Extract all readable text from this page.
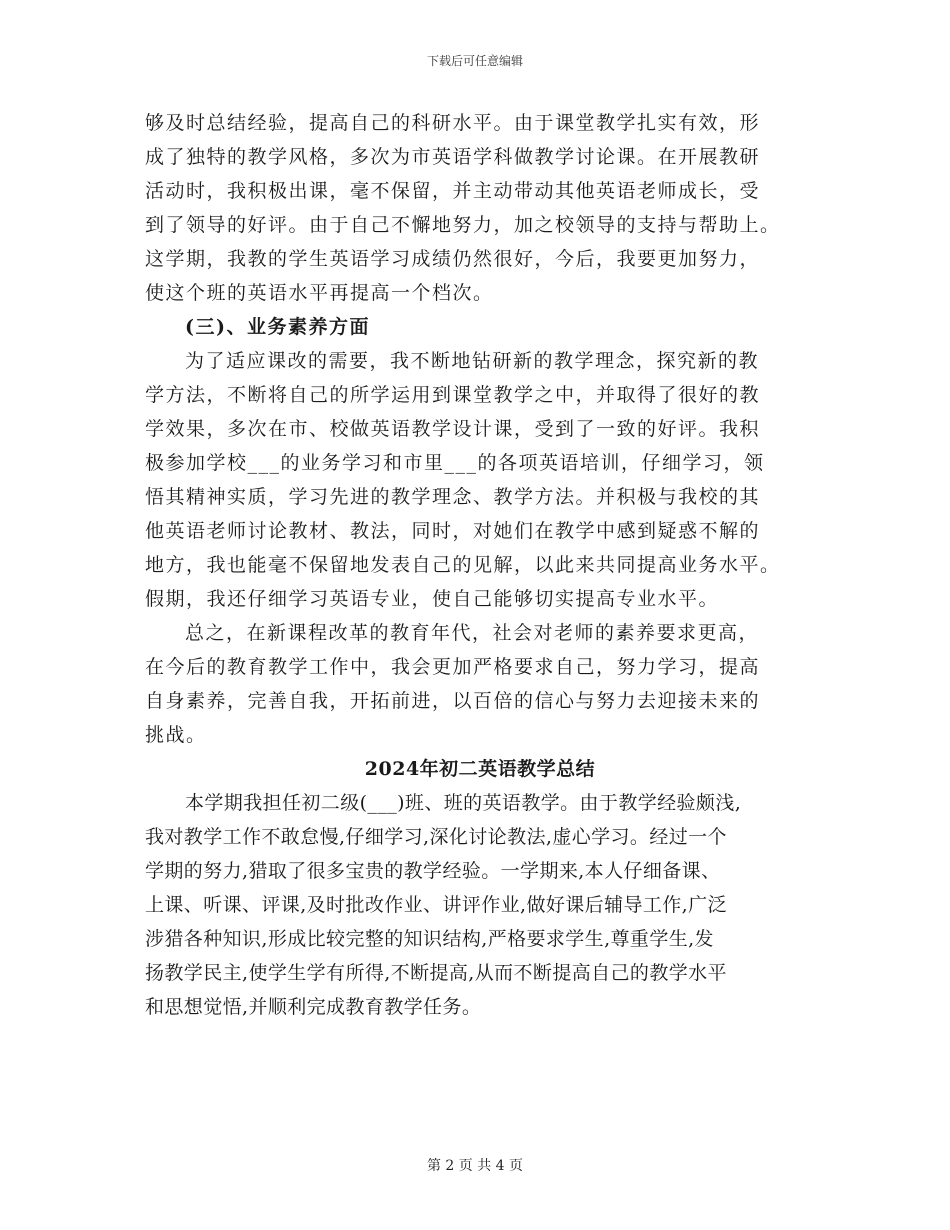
下载后可任意编辑
够及时总结经验，提高自己的科研水平。由于课堂教学扎实有效，形
成了独特的教学风格，多次为市英语学科做教学讨论课。在开展教研
活动时，我积极出课，毫不保留，并主动带动其他英语老师成长，受
到了领导的好评。由于自己不懈地努力，加之校领导的支持与帮助上。
这学期，我教的学生英语学习成绩仍然很好，今后，我要更加努力，
使这个班的英语水平再提高一个档次。
(三)、业务素养方面
为了适应课改的需要，我不断地钻研新的教学理念，探究新的教
学方法，不断将自己的所学运用到课堂教学之中，并取得了很好的教
学效果，多次在市、校做英语教学设计课，受到了一致的好评。我积
极参加学校___的业务学习和市里___的各项英语培训，仔细学习，领
悟其精神实质，学习先进的教学理念、教学方法。并积极与我校的其
他英语老师讨论教材、教法，同时，对她们在教学中感到疑惑不解的
地方，我也能毫不保留地发表自己的见解，以此来共同提高业务水平。
假期，我还仔细学习英语专业，使自己能够切实提高专业水平。
总之，在新课程改革的教育年代，社会对老师的素养要求更高，
在今后的教育教学工作中，我会更加严格要求自己，努力学习，提高
自身素养，完善自我，开拓前进，以百倍的信心与努力去迎接未来的
挑战。
2024年初二英语教学总结
本学期我担任初二级(___)班、班的英语教学。由于教学经验颇浅,
我对教学工作不敢怠慢,仔细学习,深化讨论教法,虚心学习。经过一个
学期的努力,猎取了很多宝贵的教学经验。一学期来,本人仔细备课、
上课、听课、评课,及时批改作业、讲评作业,做好课后辅导工作,广泛
涉猎各种知识,形成比较完整的知识结构,严格要求学生,尊重学生,发
扬教学民主,使学生学有所得,不断提高,从而不断提高自己的教学水平
和思想觉悟,并顺利完成教育教学任务。
第 2 页 共 4 页
